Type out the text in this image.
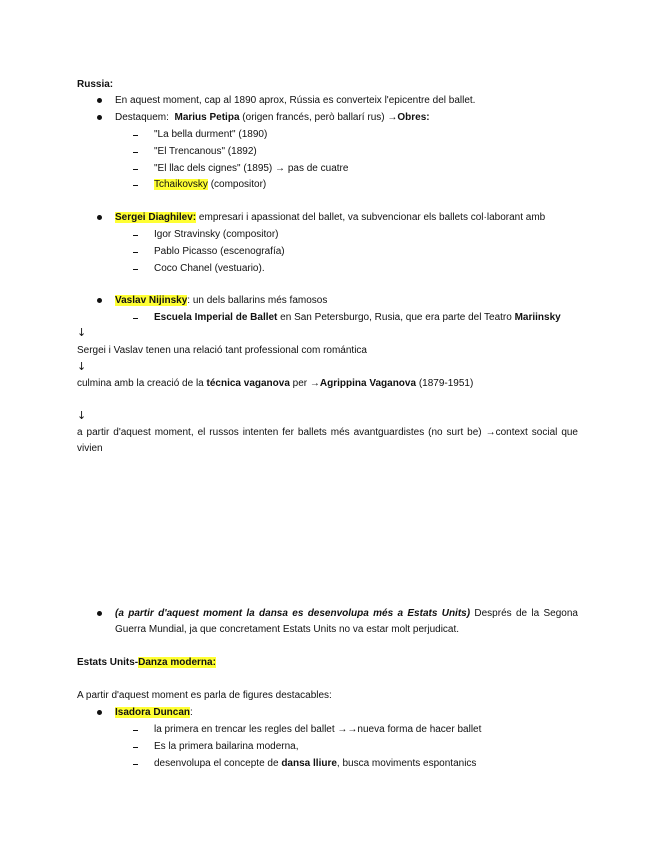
Russia:
En aquest moment, cap al 1890 aprox, Rússia es converteix l'epicentre del ballet.
Destaquem: Marius Petipa (origen francés, però ballarí rus) →Obres:
"La bella durment" (1890)
"El Trencanous" (1892)
"El llac dels cignes" (1895) → pas de cuatre
Tchaikovsky (compositor)
Sergei Diaghilev: empresari i apassionat del ballet, va subvencionar els ballets col·laborant amb
Igor Stravinsky (compositor)
Pablo Picasso (escenografía)
Coco Chanel (vestuario).
Vaslav Nijinsky: un dels ballarins més famosos
Escuela Imperial de Ballet en San Petersburgo, Rusia, que era parte del Teatro Mariinsky
↓
Sergei i Vaslav tenen una relació tant professional com romántica
↓
culmina amb la creació de la técnica vaganova per →Agrippina Vaganova (1879-1951)
↓
a partir d'aquest moment, el russos intenten fer ballets més avantguardistes (no surt be) →context social que vivien
(a partir d'aquest moment la dansa es desenvolupa més a Estats Units) Després de la Segona Guerra Mundial, ja que concretament Estats Units no va estar molt perjudicat.
Estats Units-Danza moderna:
A partir d'aquest moment es parla de figures destacables:
Isadora Duncan:
la primera en trencar les regles del ballet →→nueva forma de hacer ballet
Es la primera bailarina moderna,
desenvolupa el concepte de dansa lliure, busca moviments espontanics
